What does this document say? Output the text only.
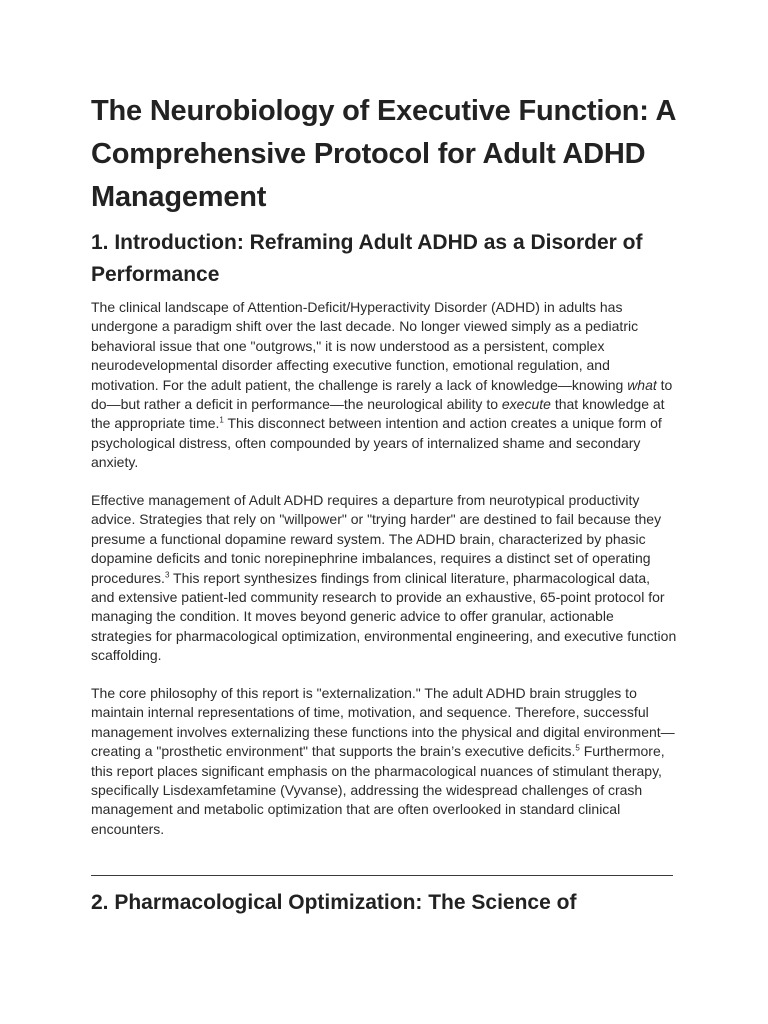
The Neurobiology of Executive Function: A Comprehensive Protocol for Adult ADHD Management
1. Introduction: Reframing Adult ADHD as a Disorder of Performance

The clinical landscape of Attention-Deficit/Hyperactivity Disorder (ADHD) in adults has undergone a paradigm shift over the last decade. No longer viewed simply as a pediatric behavioral issue that one "outgrows," it is now understood as a persistent, complex neurodevelopmental disorder affecting executive function, emotional regulation, and motivation. For the adult patient, the challenge is rarely a lack of knowledge—knowing what to do—but rather a deficit in performance—the neurological ability to execute that knowledge at the appropriate time.$^1$ This disconnect between intention and action creates a unique form of psychological distress, often compounded by years of internalized shame and secondary anxiety.

Effective management of Adult ADHD requires a departure from neurotypical productivity advice. Strategies that rely on "willpower" or "trying harder" are destined to fail because they presume a functional dopamine reward system. The ADHD brain, characterized by phasic dopamine deficits and tonic norepinephrine imbalances, requires a distinct set of operating procedures.$^3$ This report synthesizes findings from clinical literature, pharmacological data, and extensive patient-led community research to provide an exhaustive, 65-point protocol for managing the condition. It moves beyond generic advice to offer granular, actionable strategies for pharmacological optimization, environmental engineering, and executive function scaffolding.

The core philosophy of this report is "externalization." The adult ADHD brain struggles to maintain internal representations of time, motivation, and sequence. Therefore, successful management involves externalizing these functions into the physical and digital environment—creating a "prosthetic environment" that supports the brain’s executive deficits.$^5$ Furthermore, this report places significant emphasis on the pharmacological nuances of stimulant therapy, specifically Lisdexamfetamine (Vyvanse), addressing the widespread challenges of crash management and metabolic optimization that are often overlooked in standard clinical encounters.

2. Pharmacological Optimization: The Science of
